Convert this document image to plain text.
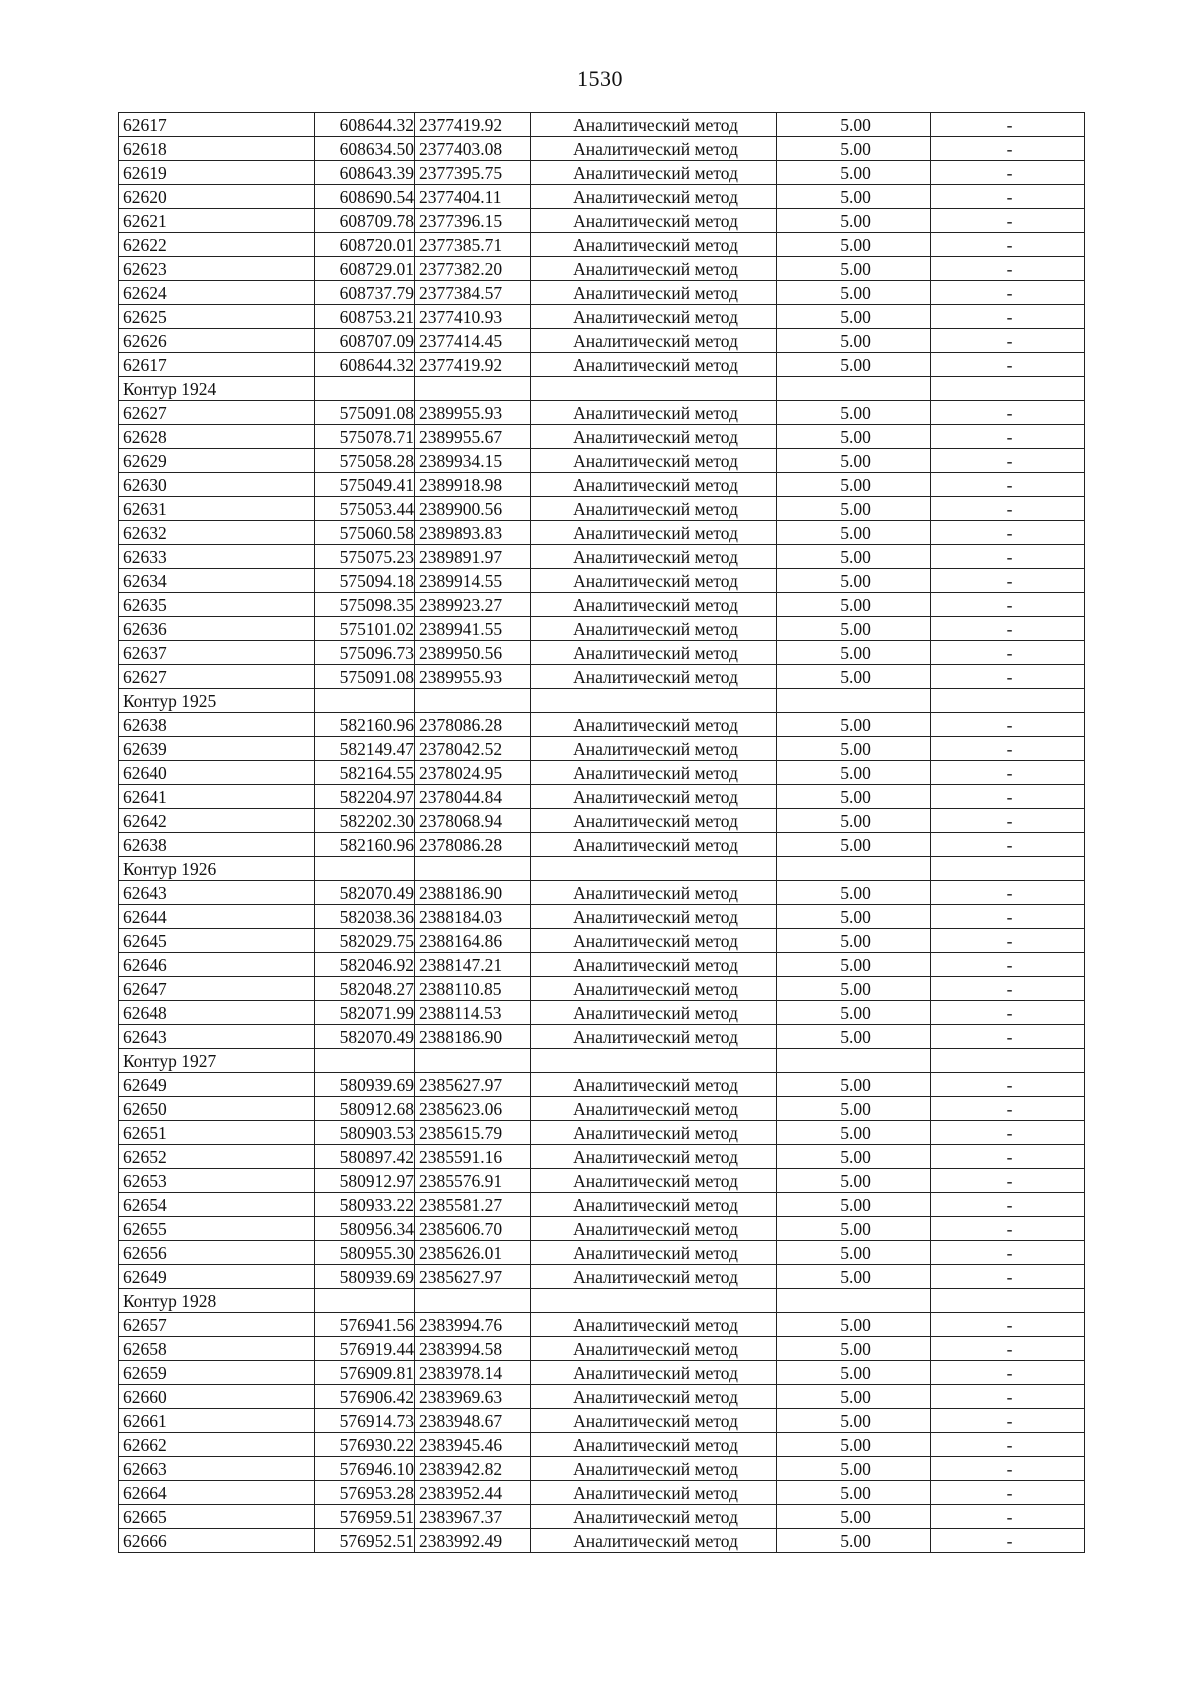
1530
62617	608644.32	2377419.92	Аналитический метод	5.00	-
62618	608634.50	2377403.08	Аналитический метод	5.00	-
62619	608643.39	2377395.75	Аналитический метод	5.00	-
62620	608690.54	2377404.11	Аналитический метод	5.00	-
62621	608709.78	2377396.15	Аналитический метод	5.00	-
62622	608720.01	2377385.71	Аналитический метод	5.00	-
62623	608729.01	2377382.20	Аналитический метод	5.00	-
62624	608737.79	2377384.57	Аналитический метод	5.00	-
62625	608753.21	2377410.93	Аналитический метод	5.00	-
62626	608707.09	2377414.45	Аналитический метод	5.00	-
62617	608644.32	2377419.92	Аналитический метод	5.00	-
Контур 1924					
62627	575091.08	2389955.93	Аналитический метод	5.00	-
62628	575078.71	2389955.67	Аналитический метод	5.00	-
62629	575058.28	2389934.15	Аналитический метод	5.00	-
62630	575049.41	2389918.98	Аналитический метод	5.00	-
62631	575053.44	2389900.56	Аналитический метод	5.00	-
62632	575060.58	2389893.83	Аналитический метод	5.00	-
62633	575075.23	2389891.97	Аналитический метод	5.00	-
62634	575094.18	2389914.55	Аналитический метод	5.00	-
62635	575098.35	2389923.27	Аналитический метод	5.00	-
62636	575101.02	2389941.55	Аналитический метод	5.00	-
62637	575096.73	2389950.56	Аналитический метод	5.00	-
62627	575091.08	2389955.93	Аналитический метод	5.00	-
Контур 1925					
62638	582160.96	2378086.28	Аналитический метод	5.00	-
62639	582149.47	2378042.52	Аналитический метод	5.00	-
62640	582164.55	2378024.95	Аналитический метод	5.00	-
62641	582204.97	2378044.84	Аналитический метод	5.00	-
62642	582202.30	2378068.94	Аналитический метод	5.00	-
62638	582160.96	2378086.28	Аналитический метод	5.00	-
Контур 1926					
62643	582070.49	2388186.90	Аналитический метод	5.00	-
62644	582038.36	2388184.03	Аналитический метод	5.00	-
62645	582029.75	2388164.86	Аналитический метод	5.00	-
62646	582046.92	2388147.21	Аналитический метод	5.00	-
62647	582048.27	2388110.85	Аналитический метод	5.00	-
62648	582071.99	2388114.53	Аналитический метод	5.00	-
62643	582070.49	2388186.90	Аналитический метод	5.00	-
Контур 1927					
62649	580939.69	2385627.97	Аналитический метод	5.00	-
62650	580912.68	2385623.06	Аналитический метод	5.00	-
62651	580903.53	2385615.79	Аналитический метод	5.00	-
62652	580897.42	2385591.16	Аналитический метод	5.00	-
62653	580912.97	2385576.91	Аналитический метод	5.00	-
62654	580933.22	2385581.27	Аналитический метод	5.00	-
62655	580956.34	2385606.70	Аналитический метод	5.00	-
62656	580955.30	2385626.01	Аналитический метод	5.00	-
62649	580939.69	2385627.97	Аналитический метод	5.00	-
Контур 1928					
62657	576941.56	2383994.76	Аналитический метод	5.00	-
62658	576919.44	2383994.58	Аналитический метод	5.00	-
62659	576909.81	2383978.14	Аналитический метод	5.00	-
62660	576906.42	2383969.63	Аналитический метод	5.00	-
62661	576914.73	2383948.67	Аналитический метод	5.00	-
62662	576930.22	2383945.46	Аналитический метод	5.00	-
62663	576946.10	2383942.82	Аналитический метод	5.00	-
62664	576953.28	2383952.44	Аналитический метод	5.00	-
62665	576959.51	2383967.37	Аналитический метод	5.00	-
62666	576952.51	2383992.49	Аналитический метод	5.00	-
